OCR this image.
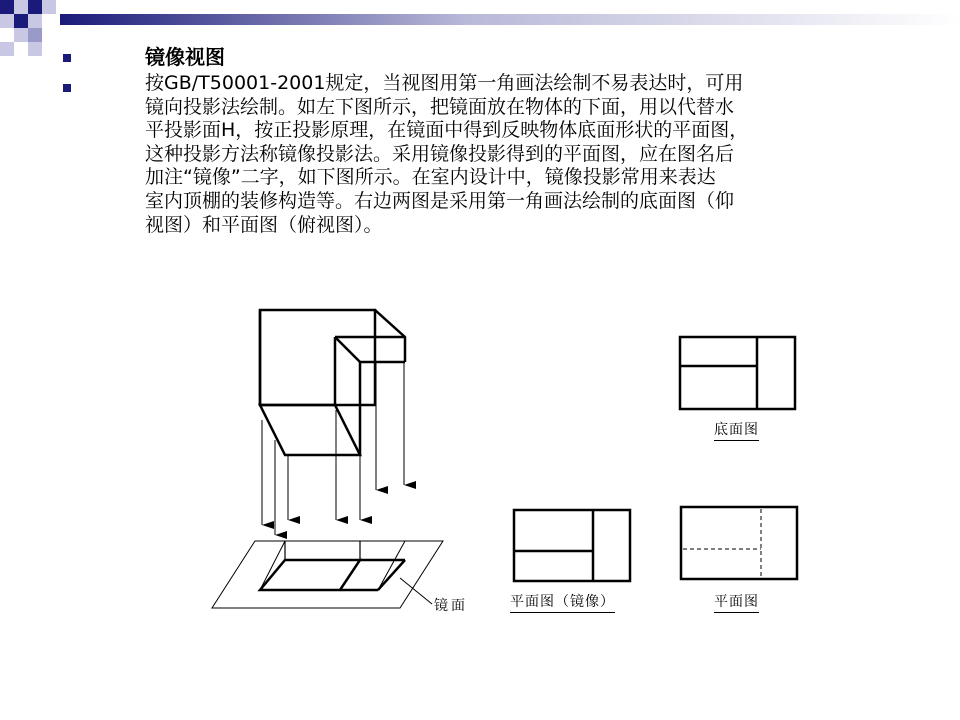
镜像视图
按GB/T50001-2001规定，当视图用第一角画法绘制不易表达时，可用
镜向投影法绘制。如左下图所示，把镜面放在物体的下面，用以代替水
平投影面H，按正投影原理，在镜面中得到反映物体底面形状的平面图，
这种投影方法称镜像投影法。采用镜像投影得到的平面图，应在图名后
加注“镜像”二字，如下图所示。在室内设计中，镜像投影常用来表达
室内顶棚的装修构造等。右边两图是采用第一角画法绘制的底面图（仰
视图）和平面图（俯视图）。
镜面	平面图（镜像）
底面图
平面图
